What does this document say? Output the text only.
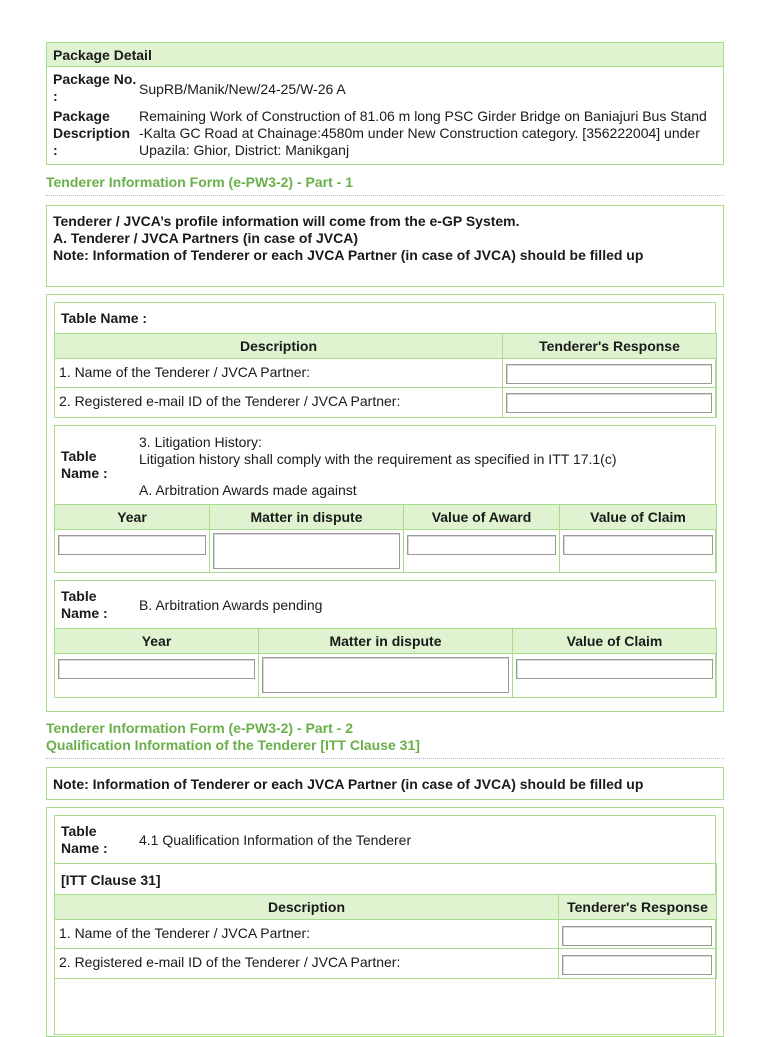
Package Detail
Package No.
:	SupRB/Manik/New/24-25/W-26 A
Package
Description
:
Remaining Work of Construction of 81.06 m long PSC Girder Bridge on Baniajuri Bus Stand
-Kalta GC Road at Chainage:4580m under New Construction category. [356222004] under
Upazila: Ghior, District: Manikganj
Tenderer Information Form (e-PW3-2) - Part - 1
Tenderer / JVCA’s profile information will come from the e-GP System.
A. Tenderer / JVCA Partners (in case of JVCA)
Note: Information of Tenderer or each JVCA Partner (in case of JVCA) should be filled up
Table Name :
Description	Tenderer's Response
1. Name of the Tenderer / JVCA Partner:
2. Registered e-mail ID of the Tenderer / JVCA Partner:
Table
Name :
3. Litigation History:
Litigation history shall comply with the requirement as specified in ITT 17.1(c)
A. Arbitration Awards made against
Year	Matter in dispute	Value of Award	Value of Claim
Table
Name : B. Arbitration Awards pending
Year	Matter in dispute	Value of Claim
Tenderer Information Form (e-PW3-2) - Part - 2
Qualification Information of the Tenderer [ITT Clause 31]
Note: Information of Tenderer or each JVCA Partner (in case of JVCA) should be filled up
Table
Name : 4.1 Qualification Information of the Tenderer
[ITT Clause 31]
Description	Tenderer's Response
1. Name of the Tenderer / JVCA Partner:
2. Registered e-mail ID of the Tenderer / JVCA Partner:
